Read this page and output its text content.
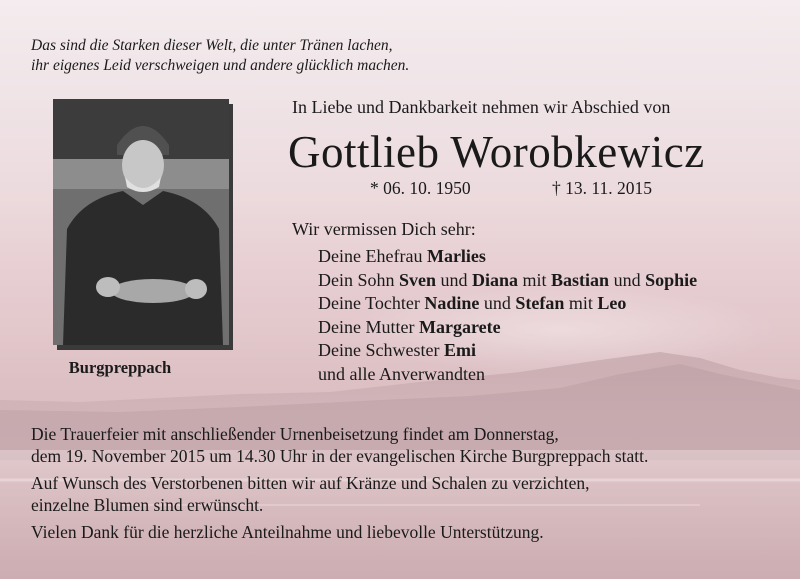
Das sind die Starken dieser Welt, die unter Tränen lachen,
ihr eigenes Leid verschweigen und andere glücklich machen.
Burgpreppach
In Liebe und Dankbarkeit nehmen wir Abschied von
Gottlieb Worobkewicz
* 06. 10. 1950	† 13. 11. 2015
Wir vermissen Dich sehr:
Deine Ehefrau Marlies
Dein Sohn Sven und Diana mit Bastian und Sophie
Deine Tochter Nadine und Stefan mit Leo
Deine Mutter Margarete
Deine Schwester Emi
und alle Anverwandten

Die Trauerfeier mit anschließender Urnenbeisetzung findet am Donnerstag,
dem 19. November 2015 um 14.30 Uhr in der evangelischen Kirche Burgpreppach statt.

Auf Wunsch des Verstorbenen bitten wir auf Kränze und Schalen zu verzichten,
einzelne Blumen sind erwünscht.

Vielen Dank für die herzliche Anteilnahme und liebevolle Unterstützung.
